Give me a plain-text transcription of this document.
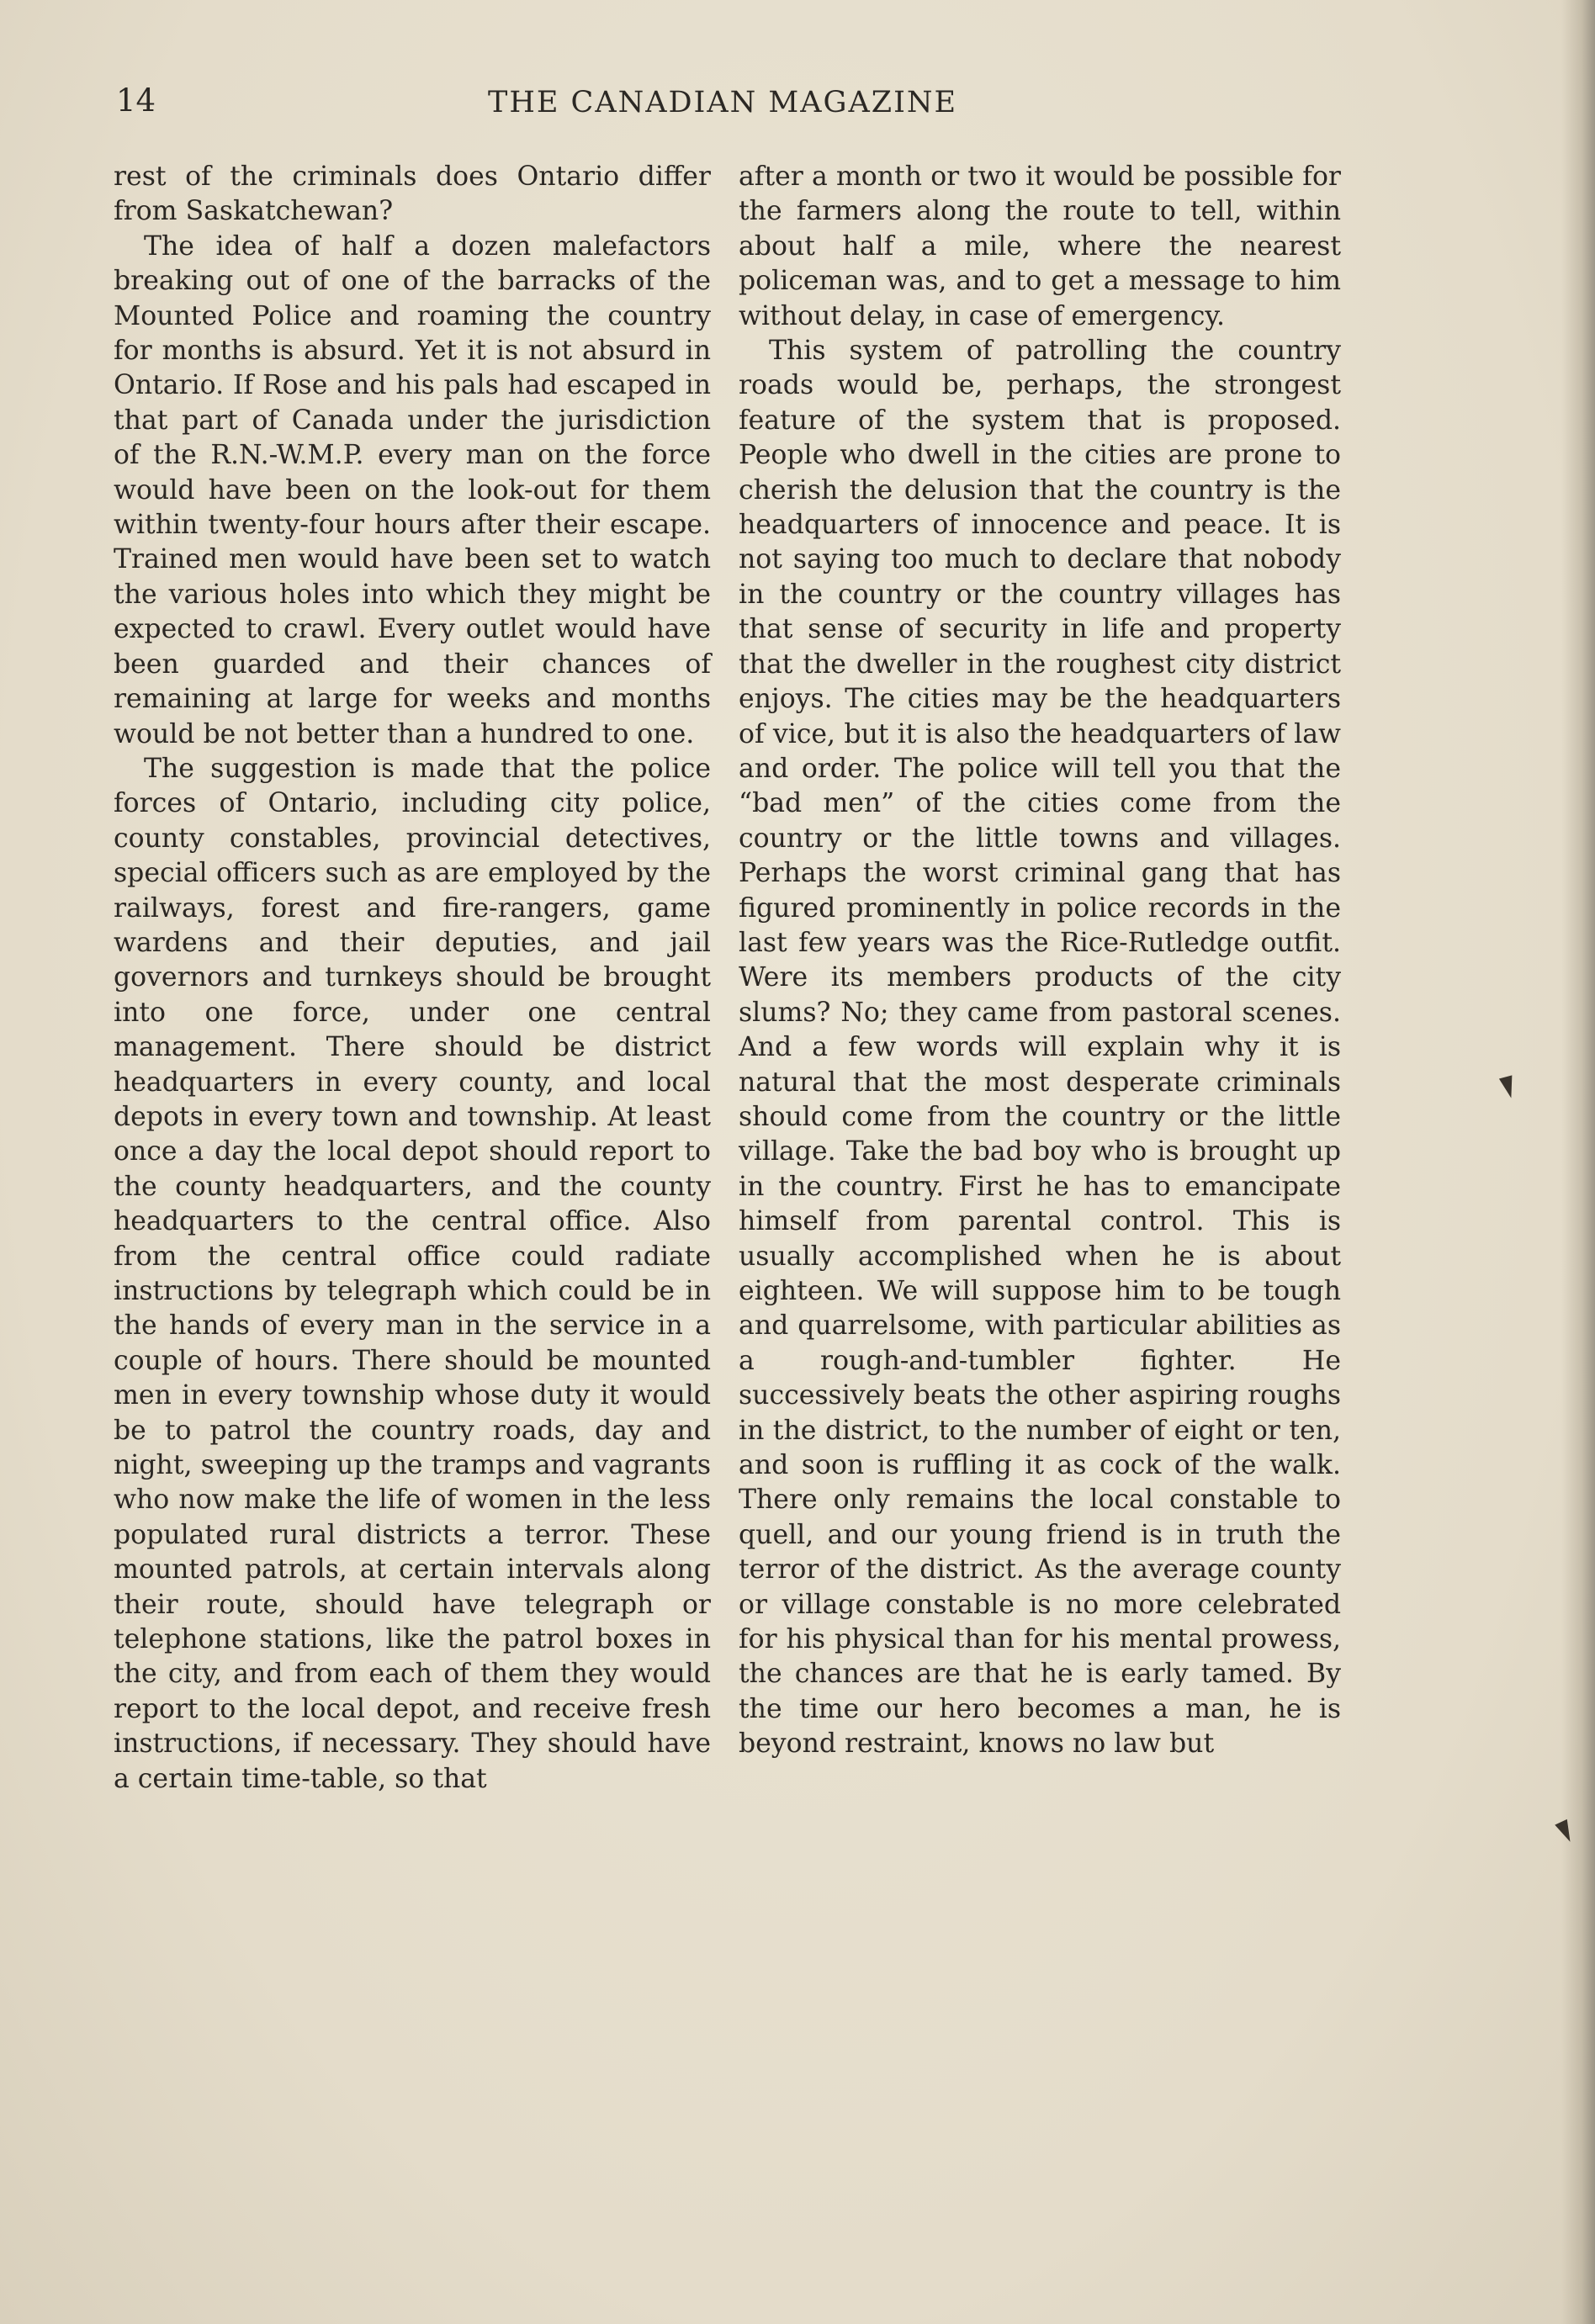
14	THE CANADIAN MAGAZINE

rest of the criminals does Ontario differ from Saskatchewan?

The idea of half a dozen malefactors breaking out of one of the barracks of the Mounted Police and roaming the country for months is absurd. Yet it is not absurd in Ontario. If Rose and his pals had escaped in that part of Canada under the jurisdiction of the R.N.-W.M.P. every man on the force would have been on the look-out for them within twenty-four hours after their escape. Trained men would have been set to watch the various holes into which they might be expected to crawl. Every outlet would have been guarded and their chances of remaining at large for weeks and months would be not better than a hundred to one.

The suggestion is made that the police forces of Ontario, including city police, county constables, provincial detectives, special officers such as are employed by the railways, forest and fire-rangers, game wardens and their deputies, and jail governors and turnkeys should be brought into one force, under one central management. There should be district headquarters in every county, and local depots in every town and township. At least once a day the local depot should report to the county headquarters, and the county headquarters to the central office. Also from the central office could radiate instructions by telegraph which could be in the hands of every man in the service in a couple of hours. There should be mounted men in every township whose duty it would be to patrol the country roads, day and night, sweeping up the tramps and vagrants who now make the life of women in the less populated rural districts a terror. These mounted patrols, at certain intervals along their route, should have telegraph or telephone stations, like the patrol boxes in the city, and from each of them they would report to the local depot, and receive fresh instructions, if necessary. They should have a certain time-table, so that

after a month or two it would be possible for the farmers along the route to tell, within about half a mile, where the nearest policeman was, and to get a message to him without delay, in case of emergency.

This system of patrolling the country roads would be, perhaps, the strongest feature of the system that is proposed. People who dwell in the cities are prone to cherish the delusion that the country is the headquarters of innocence and peace. It is not saying too much to declare that nobody in the country or the country villages has that sense of security in life and property that the dweller in the roughest city district enjoys. The cities may be the headquarters of vice, but it is also the headquarters of law and order. The police will tell you that the “bad men” of the cities come from the country or the little towns and villages. Perhaps the worst criminal gang that has figured prominently in police records in the last few years was the Rice-Rutledge outfit. Were its members products of the city slums? No; they came from pastoral scenes. And a few words will explain why it is natural that the most desperate criminals should come from the country or the little village. Take the bad boy who is brought up in the country. First he has to emancipate himself from parental control. This is usually accomplished when he is about eighteen. We will suppose him to be tough and quarrelsome, with particular abilities as a rough-and-tumbler fighter. He successively beats the other aspiring roughs in the district, to the number of eight or ten, and soon is ruffling it as cock of the walk. There only remains the local constable to quell, and our young friend is in truth the terror of the district. As the average county or village constable is no more celebrated for his physical than for his mental prowess, the chances are that he is early tamed. By the time our hero becomes a man, he is beyond restraint, knows no law but
